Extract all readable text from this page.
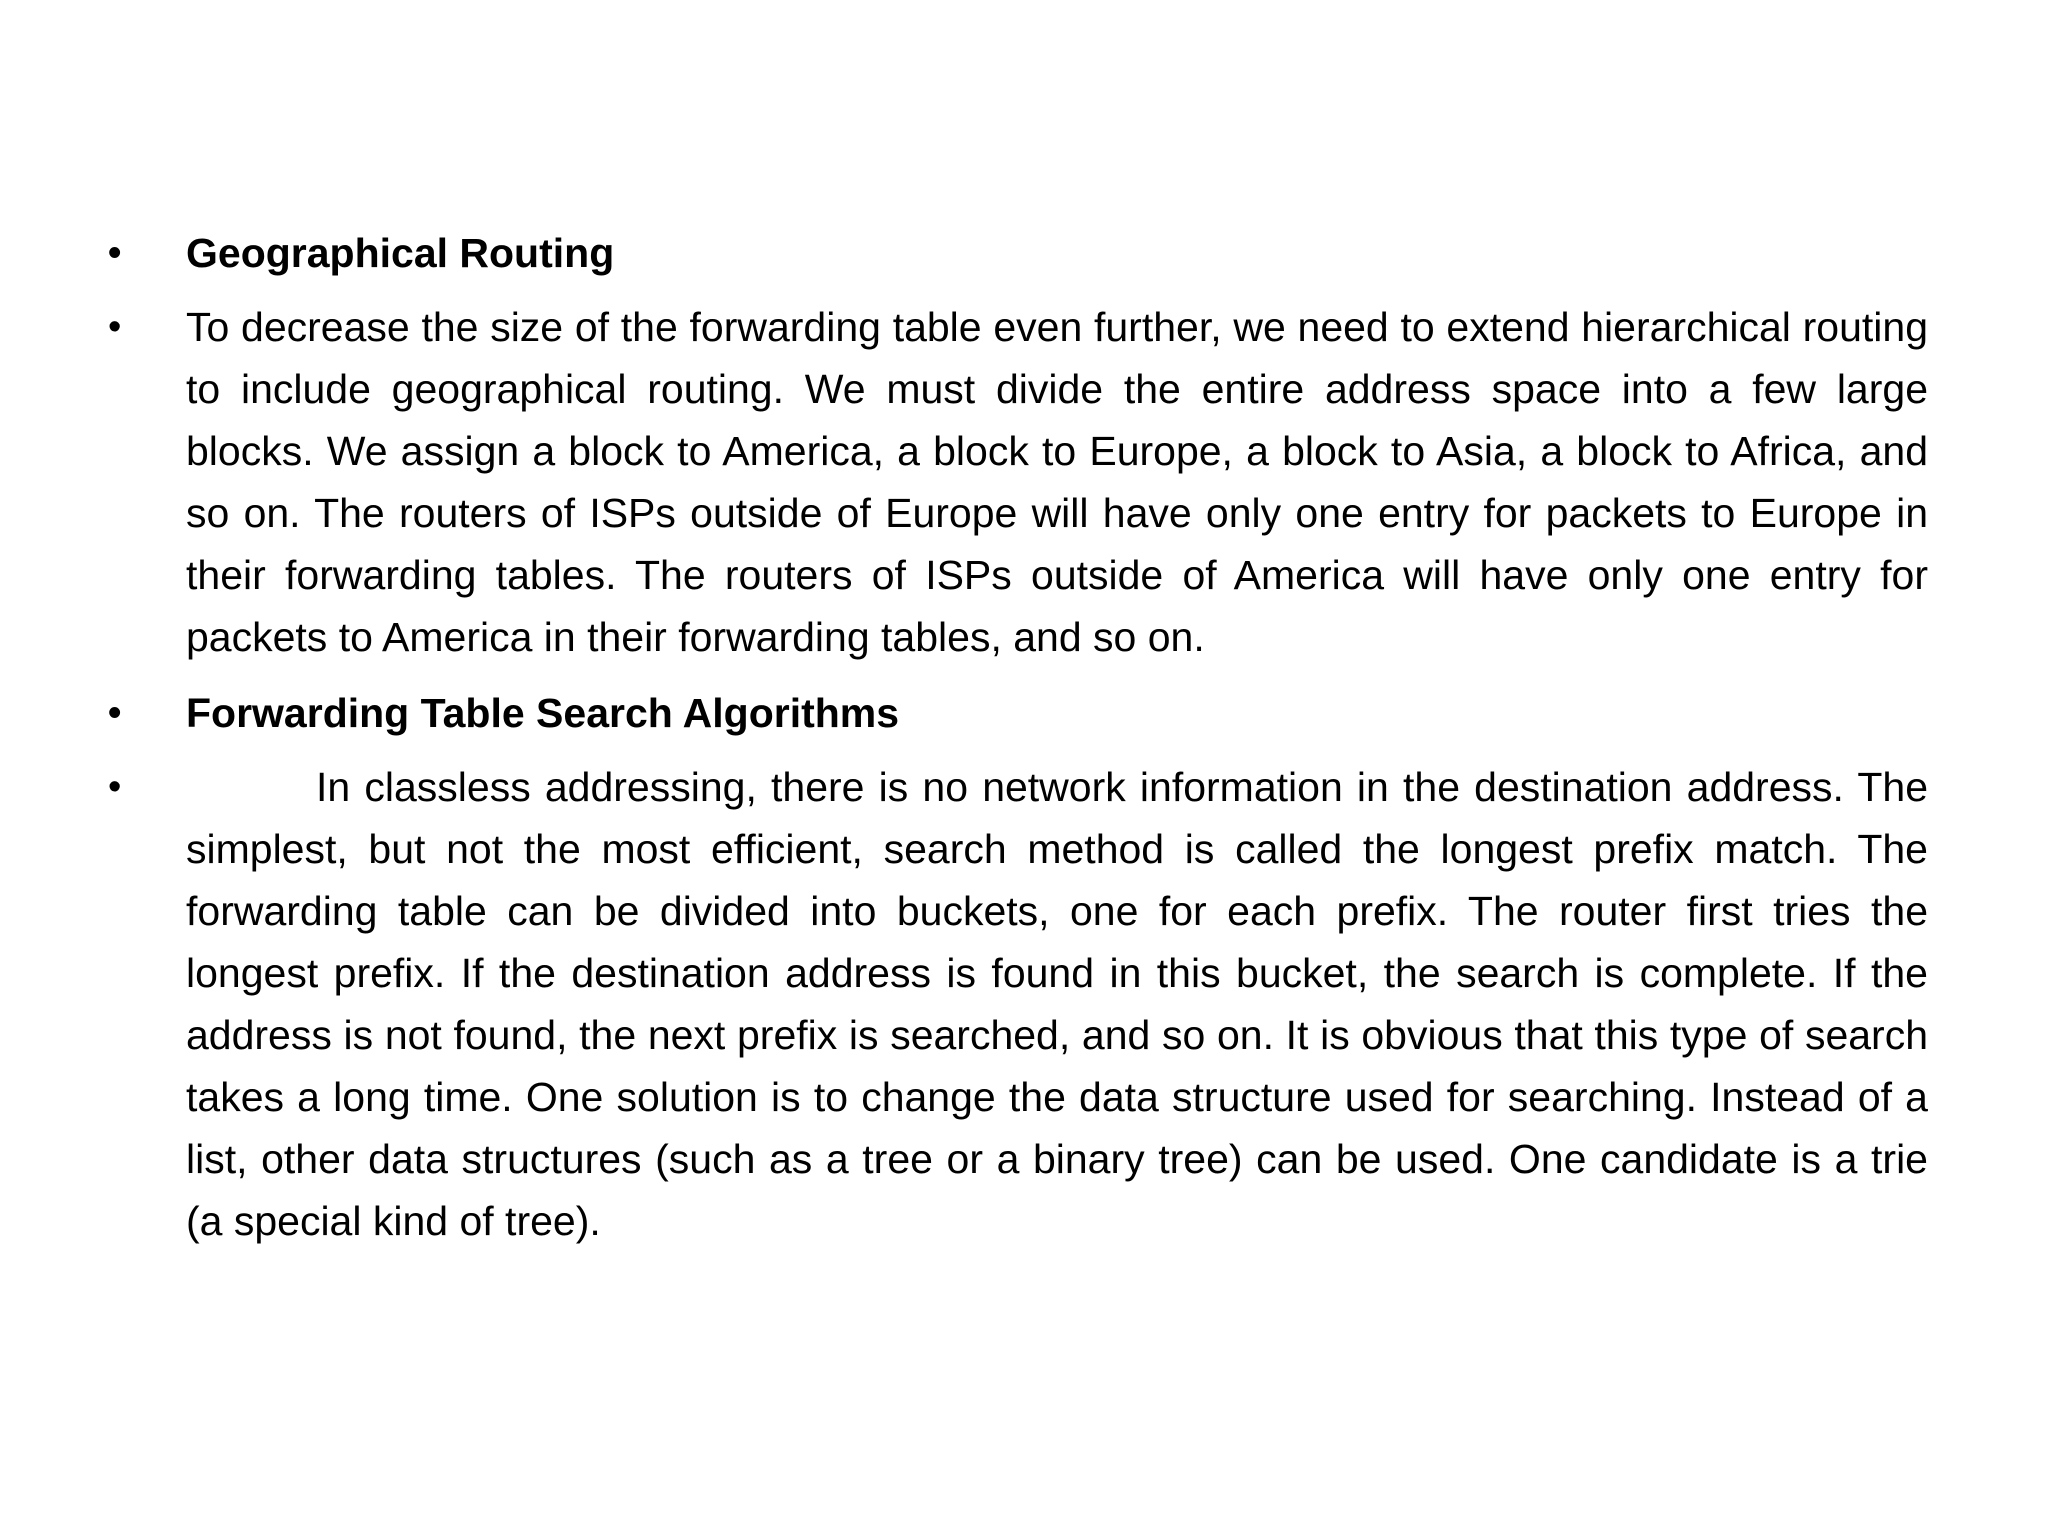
•	Geographical Routing
•	To decrease the size of the forwarding table even further, we need to extend hierarchical routing to include geographical routing. We must divide the entire address space into a few large blocks. We assign a block to America, a block to Europe, a block to Asia, a block to Africa, and so on. The routers of ISPs outside of Europe will have only one entry for packets to Europe in their forwarding tables. The routers of ISPs outside of America will have only one entry for packets to America in their forwarding tables, and so on.
•	Forwarding Table Search Algorithms
•	In classless addressing, there is no network information in the destination address. The simplest, but not the most efficient, search method is called the longest prefix match. The forwarding table can be divided into buckets, one for each prefix. The router first tries the longest prefix. If the destination address is found in this bucket, the search is complete. If the address is not found, the next prefix is searched, and so on. It is obvious that this type of search takes a long time. One solution is to change the data structure used for searching. Instead of a list, other data structures (such as a tree or a binary tree) can be used. One candidate is a trie (a special kind of tree).
